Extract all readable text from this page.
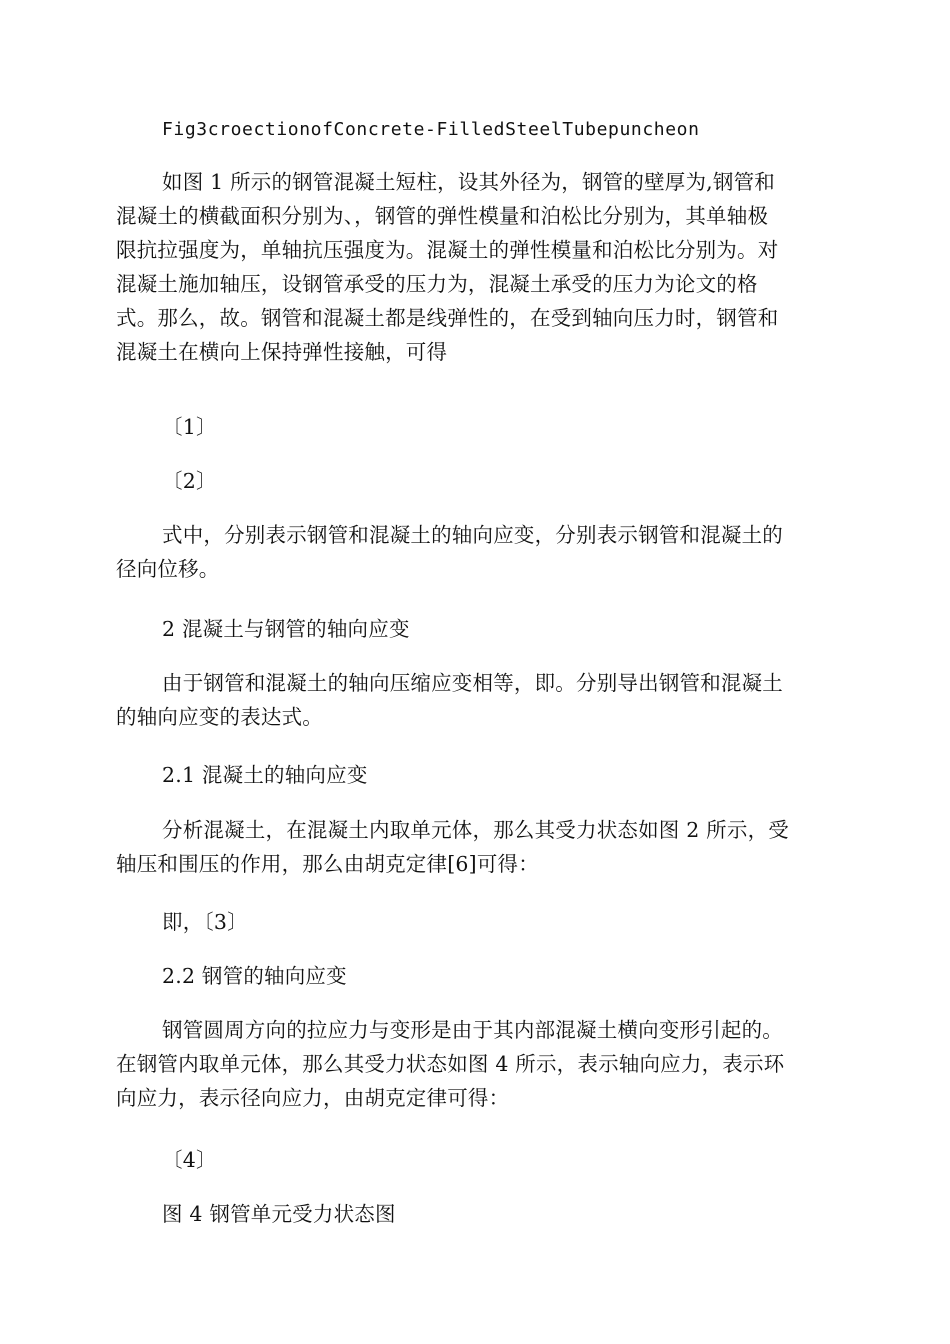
Fig3croectionofConcrete-FilledSteelTubepuncheon

如图 1 所示的钢管混凝土短柱，设其外径为，钢管的壁厚为,钢管和
混凝土的横截面积分别为、，钢管的弹性模量和泊松比分别为，其单轴极
限抗拉强度为，单轴抗压强度为。混凝土的弹性模量和泊松比分别为。对
混凝土施加轴压，设钢管承受的压力为，混凝土承受的压力为论文的格
式。那么，故。钢管和混凝土都是线弹性的，在受到轴向压力时，钢管和
混凝土在横向上保持弹性接触，可得

〔1〕

〔2〕

式中，分别表示钢管和混凝土的轴向应变，分别表示钢管和混凝土的
径向位移。

2 混凝土与钢管的轴向应变

由于钢管和混凝土的轴向压缩应变相等，即。分别导出钢管和混凝土
的轴向应变的表达式。

2.1 混凝土的轴向应变

分析混凝土，在混凝土内取单元体，那么其受力状态如图 2 所示，受
轴压和围压的作用，那么由胡克定律[6]可得：

即，〔3〕

2.2 钢管的轴向应变

钢管圆周方向的拉应力与变形是由于其内部混凝土横向变形引起的。
在钢管内取单元体，那么其受力状态如图 4 所示，表示轴向应力，表示环
向应力，表示径向应力，由胡克定律可得：

〔4〕

图 4 钢管单元受力状态图
